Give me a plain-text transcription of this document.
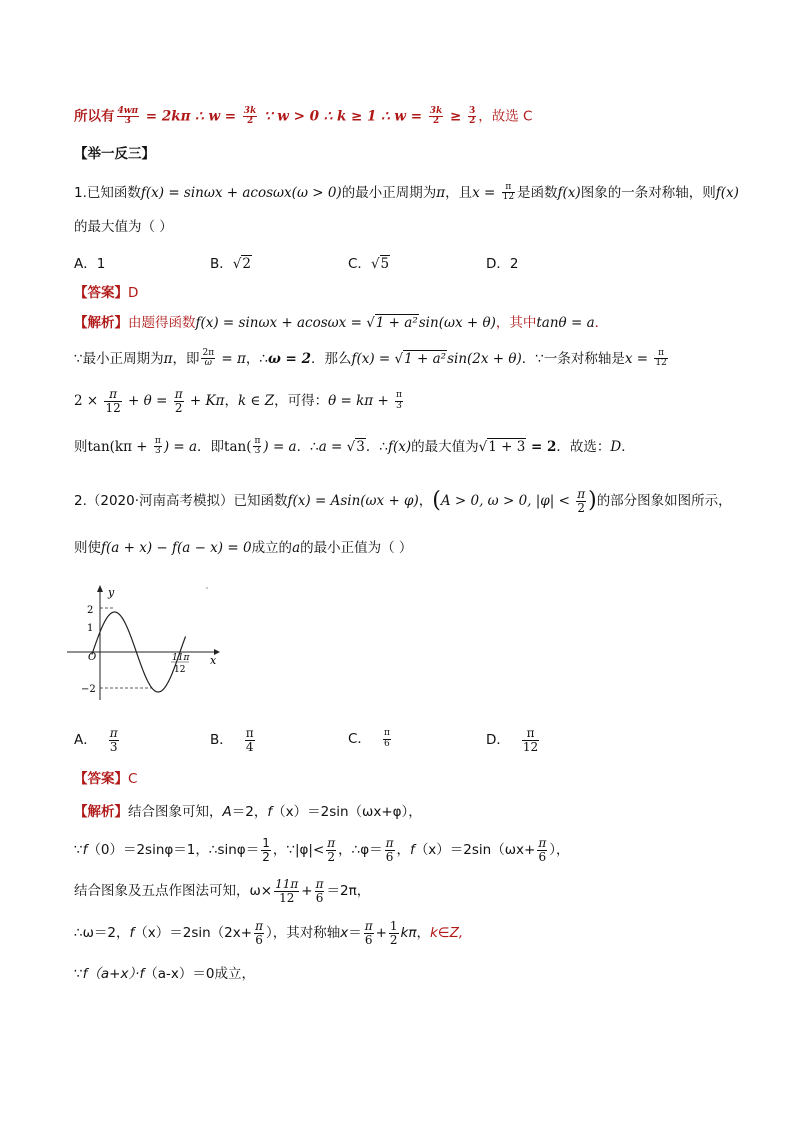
所以有 $\frac{4w\pi}{3} = 2k\pi$ ∴ $w = \frac{3k}{2}$ ∵ w > 0 ∴ k ≥ 1 ∴ $w = \frac{3k}{2} \ge \frac{3}{2}$ ，故选 C
【举一反三】
1.已知函数f(x) = sinωx + acosωx(ω > 0)的最小正周期为π，且$x = \frac{\pi}{12}$ 是函数f(x)图象的一条对称轴，则f(x)
的最大值为（ ）
A．1	B．√2	C．√5	D．2
【答案】D
【解析】由题得函数f(x) = sinωx + acosωx = √1 + a²sin(ωx + θ)，其中tanθ = a．
∵最小正周期为π，即 $\frac{2\pi}{\omega} = \pi$，∴ω = 2．那么f(x) = √1 + a²sin(2x + θ)．∵一条对称轴是$x = \frac{\pi}{12}$
$2 \times \frac{\pi}{12} + \theta = \frac{\pi}{2} + K\pi$，k ∈ Z，可得：$\theta = k\pi + \frac{\pi}{3}$
则$\tan(k\pi + \frac{\pi}{3}$ ) = a．即$\tan( \frac{\pi}{3}$ ) = a．∴a = √3．∴f(x)的最大值为√1 + 3 = 2．故选：D．
2.（2020·河南高考模拟）已知函数f(x) = Asin(ωx + φ)，(A > 0, ω > 0, $|\varphi| < \frac{\pi}{2}$ )的部分图象如图所示，
则使f(a + x) − f(a − x) = 0成立的a的最小正值为（ ）
y
x
O
2
1
−2
11π
12
A． $\frac{\pi}{3}$	B． $\frac{\pi}{4}$	C． $\frac{\pi}{6}$	D． $\frac{\pi}{12}$
【答案】C
【解析】结合图象可知，A＝2，f（x）＝2sin（ωx+φ），
∵f（0）＝2sinφ＝1，∴sinφ＝ $\frac{1}{2}$ ，∵|φ|< $\frac{\pi}{2}$ ，∴φ＝ $\frac{\pi}{6}$ ，$f(x)=2\sin(\omega x+ \frac{\pi}{6}$ ），
结合图象及五点作图法可知，$\omega\times \frac{11\pi}{12} + \frac{\pi}{6} =2\pi$，
∴ω＝2，$f(x)=2\sin(2x+ \frac{\pi}{6}$ ），其对称轴$x= \frac{\pi}{6} + \frac{1}{2}$ kπ，k∈Z,
∵f（a+x）·f（a-x）＝0成立，
